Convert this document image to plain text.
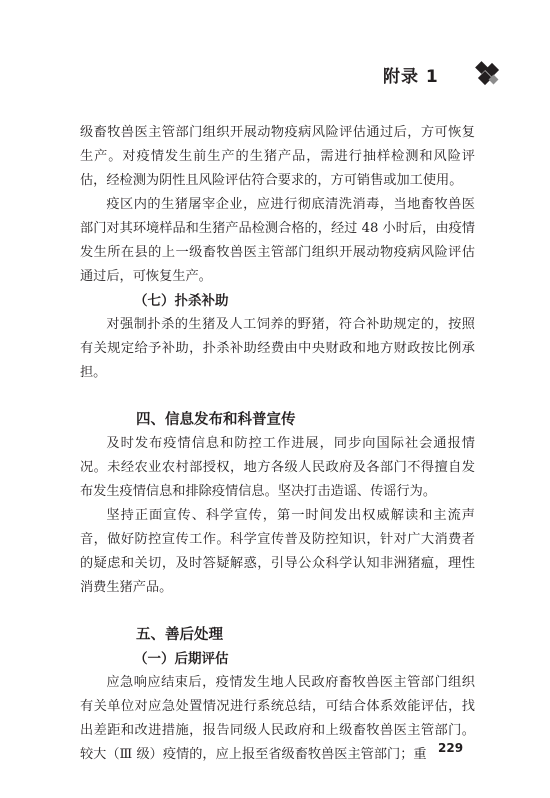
附录 1

级畜牧兽医主管部门组织开展动物疫病风险评估通过后，方可恢复生产。对疫情发生前生产的生猪产品，需进行抽样检测和风险评估，经检测为阴性且风险评估符合要求的，方可销售或加工使用。

疫区内的生猪屠宰企业，应进行彻底清洗消毒，当地畜牧兽医部门对其环境样品和生猪产品检测合格的，经过 48 小时后，由疫情发生所在县的上一级畜牧兽医主管部门组织开展动物疫病风险评估通过后，可恢复生产。

（七）扑杀补助

对强制扑杀的生猪及人工饲养的野猪，符合补助规定的，按照有关规定给予补助，扑杀补助经费由中央财政和地方财政按比例承担。

四、信息发布和科普宣传

及时发布疫情信息和防控工作进展，同步向国际社会通报情况。未经农业农村部授权，地方各级人民政府及各部门不得擅自发布发生疫情信息和排除疫情信息。坚决打击造谣、传谣行为。

坚持正面宣传、科学宣传，第一时间发出权威解读和主流声音，做好防控宣传工作。科学宣传普及防控知识，针对广大消费者的疑虑和关切，及时答疑解惑，引导公众科学认知非洲猪瘟，理性消费生猪产品。

五、善后处理

（一）后期评估

应急响应结束后，疫情发生地人民政府畜牧兽医主管部门组织有关单位对应急处置情况进行系统总结，可结合体系效能评估，找出差距和改进措施，报告同级人民政府和上级畜牧兽医主管部门。较大（Ⅲ 级）疫情的，应上报至省级畜牧兽医主管部门；重 229
